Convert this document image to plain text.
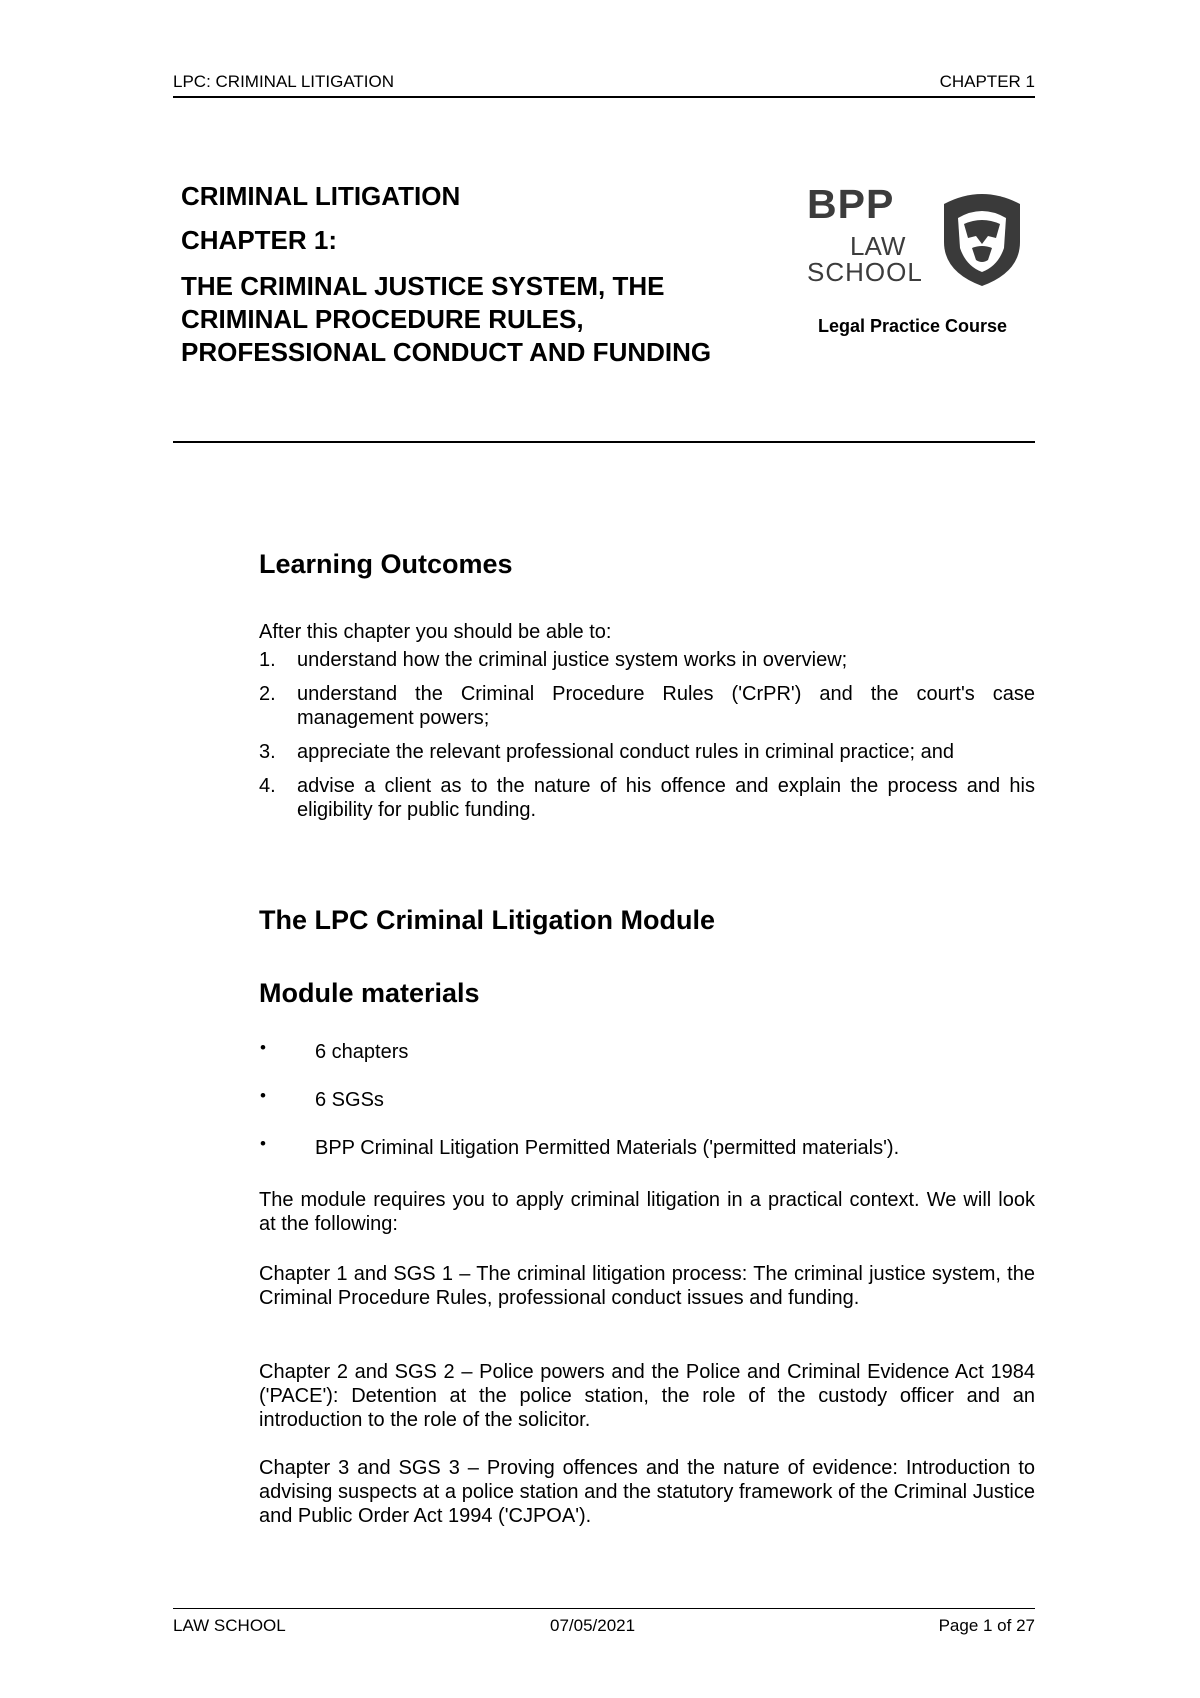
LPC: CRIMINAL LITIGATION	CHAPTER 1
CRIMINAL LITIGATION
CHAPTER 1:
THE CRIMINAL JUSTICE SYSTEM, THE CRIMINAL PROCEDURE RULES, PROFESSIONAL CONDUCT AND FUNDING
BPP
LAW
SCHOOL
Legal Practice Course
Learning Outcomes
After this chapter you should be able to:
1. understand how the criminal justice system works in overview;
2. understand the Criminal Procedure Rules ('CrPR') and the court's case management powers;
3. appreciate the relevant professional conduct rules in criminal practice; and
4. advise a client as to the nature of his offence and explain the process and his eligibility for public funding.
The LPC Criminal Litigation Module
Module materials
• 6 chapters
• 6 SGSs
• BPP Criminal Litigation Permitted Materials ('permitted materials').

The module requires you to apply criminal litigation in a practical context. We will look at the following:

Chapter 1 and SGS 1 – The criminal litigation process: The criminal justice system, the Criminal Procedure Rules, professional conduct issues and funding.

Chapter 2 and SGS 2 – Police powers and the Police and Criminal Evidence Act 1984 ('PACE'): Detention at the police station, the role of the custody officer and an introduction to the role of the solicitor.

Chapter 3 and SGS 3 – Proving offences and the nature of evidence: Introduction to advising suspects at a police station and the statutory framework of the Criminal Justice and Public Order Act 1994 ('CJPOA').

LAW SCHOOL	07/05/2021	Page 1 of 27
